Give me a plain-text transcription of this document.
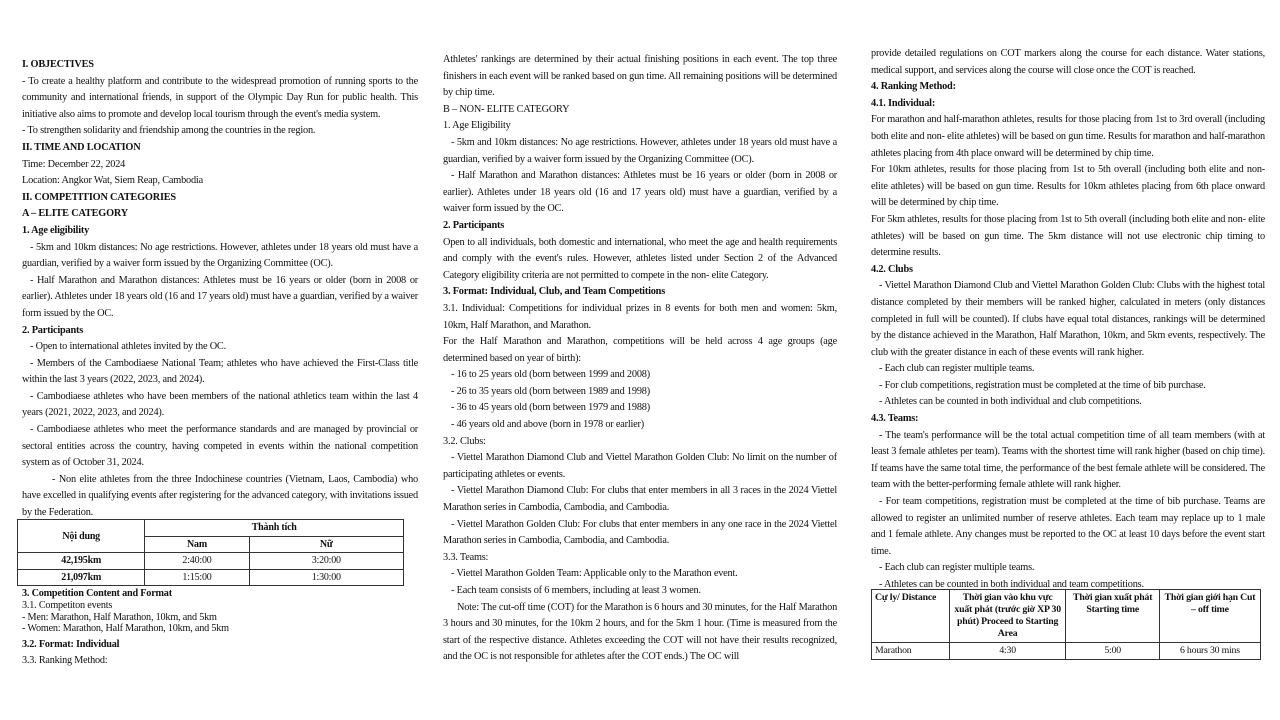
I. OBJECTIVES

- To create a healthy platform and contribute to the widespread promotion of running sports to the community and international friends, in support of the Olympic Day Run for public health. This initiative also aims to promote and develop local tourism through the event's media system.

- To strengthen solidarity and friendship among the countries in the region.

II. TIME AND LOCATION

Time: December 22, 2024

Location: Angkor Wat, Siem Reap, Cambodia

II. COMPETITION CATEGORIES

A – ELITE CATEGORY

1. Age eligibility

- 5km and 10km distances: No age restrictions. However, athletes under 18 years old must have a guardian, verified by a waiver form issued by the Organizing Committee (OC).

- Half Marathon and Marathon distances: Athletes must be 16 years or older (born in 2008 or earlier). Athletes under 18 years old (16 and 17 years old) must have a guardian, verified by a waiver form issued by the OC.

2. Participants

- Open to international athletes invited by the OC.

- Members of the Cambodiaese National Team; athletes who have achieved the First-Class title within the last 3 years (2022, 2023, and 2024).

- Cambodiaese athletes who have been members of the national athletics team within the last 4 years (2021, 2022, 2023, and 2024).

- Cambodiaese athletes who meet the performance standards and are managed by provincial or sectoral entities across the country, having competed in events within the national competition system as of October 31, 2024.

- Non elite athletes from the three Indochinese countries (Vietnam, Laos, Cambodia) who have excelled in qualifying events after registering for the advanced category, with invitations issued by the Federation.

Nội dung	Thành tích	
	Nam	Nữ
42,195km	2:40:00	3:20:00
21,097km	1:15:00	1:30:00

3. Competition Content and Format

3.1. Competiton events

- Men: Marathon, Half Marathon, 10km, and 5km

- Women: Marathon, Half Marathon, 10km, and 5km

3.2. Format: Individual

3.3. Ranking Method:

Athletes' rankings are determined by their actual finishing positions in each event. The top three finishers in each event will be ranked based on gun time. All remaining positions will be determined by chip time.

B – NON- ELITE CATEGORY

1. Age Eligibility

- 5km and 10km distances: No age restrictions. However, athletes under 18 years old must have a guardian, verified by a waiver form issued by the Organizing Committee (OC).

- Half Marathon and Marathon distances: Athletes must be 16 years or older (born in 2008 or earlier). Athletes under 18 years old (16 and 17 years old) must have a guardian, verified by a waiver form issued by the OC.

2. Participants

Open to all individuals, both domestic and international, who meet the age and health requirements and comply with the event's rules. However, athletes listed under Section 2 of the Advanced Category eligibility criteria are not permitted to compete in the non- elite Category.

3. Format: Individual, Club, and Team Competitions

3.1. Individual: Competitions for individual prizes in 8 events for both men and women: 5km, 10km, Half Marathon, and Marathon.

For the Half Marathon and Marathon, competitions will be held across 4 age groups (age determined based on year of birth):

- 16 to 25 years old (born between 1999 and 2008)

- 26 to 35 years old (born between 1989 and 1998)

- 36 to 45 years old (born between 1979 and 1988)

- 46 years old and above (born in 1978 or earlier)

3.2. Clubs:

- Viettel Marathon Diamond Club and Viettel Marathon Golden Club: No limit on the number of participating athletes or events.

- Viettel Marathon Diamond Club: For clubs that enter members in all 3 races in the 2024 Viettel Marathon series in Cambodia, Cambodia, and Cambodia.

- Viettel Marathon Golden Club: For clubs that enter members in any one race in the 2024 Viettel Marathon series in Cambodia, Cambodia, and Cambodia.

3.3. Teams:

- Viettel Marathon Golden Team: Applicable only to the Marathon event.

- Each team consists of 6 members, including at least 3 women.

Note: The cut-off time (COT) for the Marathon is 6 hours and 30 minutes, for the Half Marathon 3 hours and 30 minutes, for the 10km 2 hours, and for the 5km 1 hour. (Time is measured from the start of the respective distance. Athletes exceeding the COT will not have their results recognized, and the OC is not responsible for athletes after the COT ends.) The OC will

provide detailed regulations on COT markers along the course for each distance. Water stations, medical support, and services along the course will close once the COT is reached.

4. Ranking Method:

4.1. Individual:

For marathon and half-marathon athletes, results for those placing from 1st to 3rd overall (including both elite and non- elite athletes) will be based on gun time. Results for marathon and half-marathon athletes placing from 4th place onward will be determined by chip time.

For 10km athletes, results for those placing from 1st to 5th overall (including both elite and non- elite athletes) will be based on gun time. Results for 10km athletes placing from 6th place onward will be determined by chip time.

For 5km athletes, results for those placing from 1st to 5th overall (including both elite and non- elite athletes) will be based on gun time. The 5km distance will not use electronic chip timing to determine results.

4.2. Clubs

- Viettel Marathon Diamond Club and Viettel Marathon Golden Club: Clubs with the highest total distance completed by their members will be ranked higher, calculated in meters (only distances completed in full will be counted). If clubs have equal total distances, rankings will be determined by the distance achieved in the Marathon, Half Marathon, 10km, and 5km events, respectively. The club with the greater distance in each of these events will rank higher.

- Each club can register multiple teams.

- For club competitions, registration must be completed at the time of bib purchase.

- Athletes can be counted in both individual and club competitions.

4.3. Teams:

- The team's performance will be the total actual competition time of all team members (with at least 3 female athletes per team). Teams with the shortest time will rank higher (based on chip time). If teams have the same total time, the performance of the best female athlete will be considered. The team with the better-performing female athlete will rank higher.

- For team competitions, registration must be completed at the time of bib purchase. Teams are allowed to register an unlimited number of reserve athletes. Each team may replace up to 1 male and 1 female athlete. Any changes must be reported to the OC at least 10 days before the event start time.

- Each club can register multiple teams.

- Athletes can be counted in both individual and team competitions.

Cự ly/ Distance	Thời gian vào khu vực xuất phát (trước giờ XP 30 phút) Proceed to Starting Area	Thời gian xuất phát Starting time	Thời gian giới hạn Cut – off time
Marathon	4:30	5:00	6 hours 30 mins
